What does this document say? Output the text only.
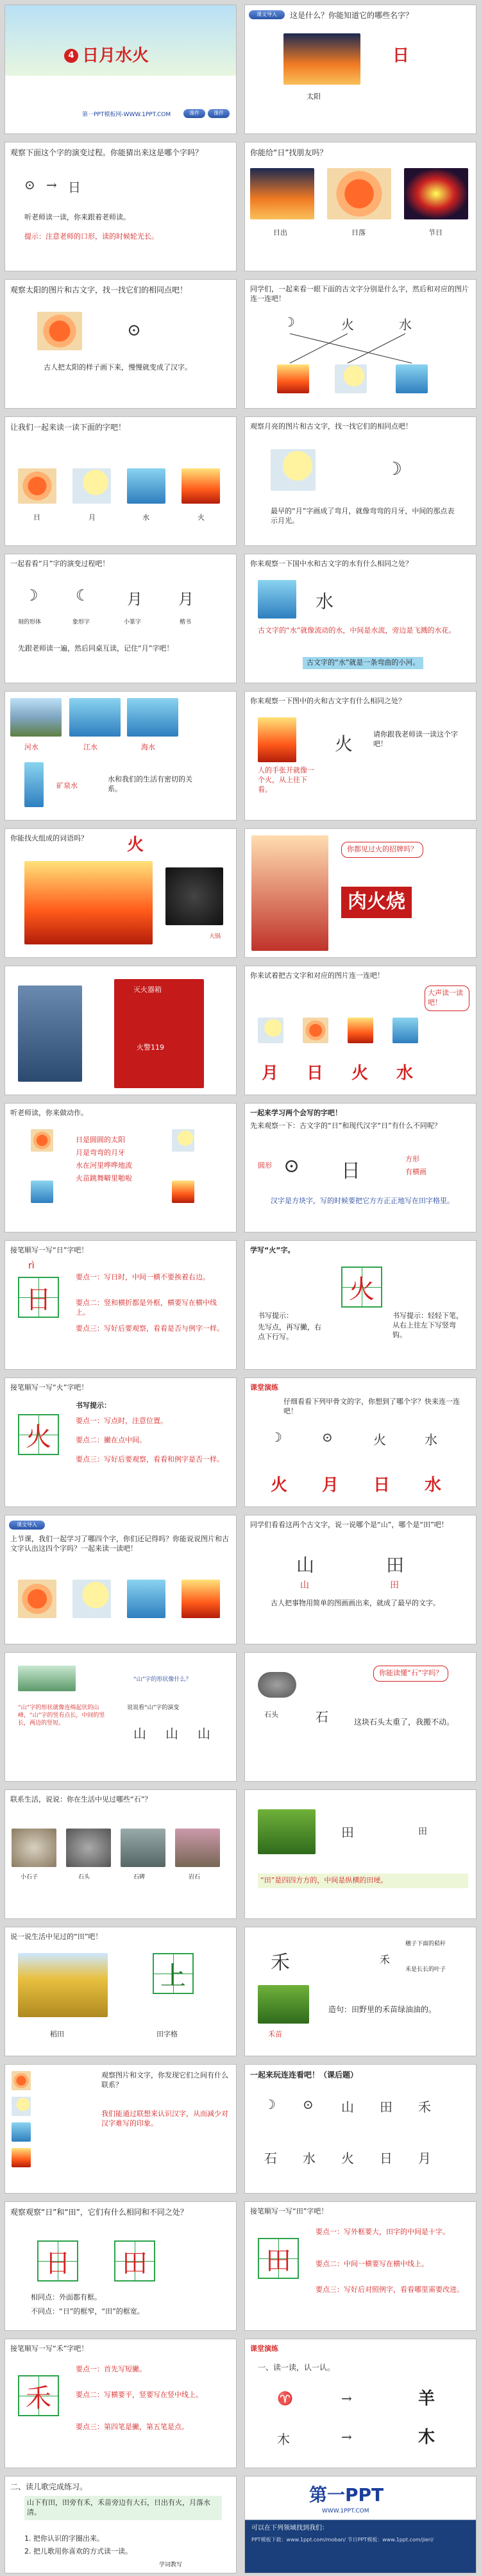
4 日月水火
第一PPT模板网-WWW.1PPT.COM	课件	课件
课文导入	这是什么？你能知道它的哪些名字？
日
太阳
观察下面这个字的演变过程。你能猜出来这是哪个字吗？
⊙ → 日
听老师读一读，你来跟着老师读。
提示：注意老师的口形，读的时候轮光长。
你能给“日”找朋友吗？
日出	日落	节日
观察太阳的图片和古文字，找一找它们的相同点吧！
⊙
古人把太阳的样子画下来，慢慢就变成了汉字。
同学们，一起来看一眼下面的古文字分别是什么字，然后和对应的图片连一连吧！
☽	火	水
让我们一起来读一读下面的字吧！
日	月	水	火
观察月亮的图片和古文字，找一找它们的相同点吧！
☽
最早的“月”字画成了弯月，就像弯弯的月牙，中间的那点表示月光。
一起看看“月”字的演变过程吧！
☽ ☾ 月 月
刻的形体	象形字	小篆字	楷书
先跟老师读一遍，然后同桌互读，记住“月”字吧！
你来观察一下国中水和古文字的水有什么相同之处？
水
古文字的“水”就像流动的水，中间是水流，旁边是飞溅的水花。
古文字的“水”就是一条弯曲的小河。
河水	江水	海水
矿泉水
水和我们的生活有密切的关系。
你来观察一下图中的火和古文字有什么相同之处？
人的手张开就像一个火，从上往下看。
火	请你跟我老师读一读这个字吧！
你能找火组成的词语吗？ 火
大锅
你都见过火的招牌吗？
肉火烧
灭火器箱
火警119
你来试着把古文字和对应的图片连一连吧！
大声读一读吧！
月 日 火 水
听老师读，你来做动作。
日是圆圆的太阳
月是弯弯的月牙
水在河里哗哗地流
火苗跳舞噼里啪啦
一起来学习两个会写的字吧！
先来观察一下：古文字的“日”和现代汉字“日”有什么不同呢？
⊙ 日
圆形
方形
有横画
汉字是方块字，写的时候要把它方方正正地写在田字格里。
接笔顺写一写“日”字吧！
rì
日
要点一：写日时，中间一横不要挨着右边。
要点二：竖和横折都是外框，横要写在横中线上。
要点三：写好后要观察，看看是否与例字一样。
学写“火”字。
火
书写提示：
先写点，再写撇，右点下行写。
书写提示：轻轻下笔，从右上往左下写竖弯钩。
接笔顺写一写“火”字吧！
火
书写提示：
要点一：写点时，注意位置。
要点二：撇在点中间。
要点三：写好后要观察，看看和例字是否一样。
课堂演练
仔细看看下列甲骨文的字，你想到了哪个字？快来连一连吧！
☽	⊙	火	水
火 月 日 水
课文导入
上节课，我们一起学习了哪四个字，你们还记得吗？你能说说图片和古文字认出这四个字吗？一起来读一读吧！
同学们看看这两个古文字，说一说哪个是“山”，哪个是“田”吧！
山	田
山	田
古人把事物用简单的图画画出来，就成了最早的文字。
“山”字的形状像什么？
“山”字的形状就像连绵起伏的山峰，“山”字的竖有点长，中间的竖长，两边的竖短。
说说看“山”字的演变
山 山 山
你能读懂“石”字吗？
石头	石	这块石头太重了，我搬不动。
联系生活，说说：你在生活中见过哪些“石”？
小石子	石头	石碑	岩石
田	田
“田”是四四方方的，中间是纵横的田埂。
说一说生活中见过的“田”吧！
上
稻田	田字格
禾	禾
穗子下面的秸秆
禾是长长的叶子
禾苗
造句：田野里的禾苗绿油油的。
观察图片和文字，你发现它们之间有什么联系？
我们能通过联想来认识汉字，从而减少对汉字难写的印象。
一起来玩连连看吧！（课后题）
☽ ⊙ 山 田 禾
石 水 火 日 月
观察观察“日”和“田”，它们有什么相同和不同之处？
日	田
相同点：外面都有框。
不同点：“日”的框窄，“田”的框宽。
接笔顺写一写“田”字吧！
田
要点一：写外框要大，田字的中间是十字。
要点二：中间一横要写在横中线上。
要点三：写好后对照例字，看看哪里需要改进。
接笔顺写一写“禾”字吧！
禾
要点一：首先写短撇。
要点二：写横要平，竖要写在竖中线上。
要点三：第四笔是撇，第五笔是点。
课堂演练
一、读一读，认一认。
♈	→	羊
木	→	木
二、读儿歌完成练习。
山下有田，田旁有禾，禾苗旁边有大石，日出有火，月落水清。
1. 把你认识的字圈出来。
2. 把儿歌用你喜欢的方式读一读。
学词教写
第一PPT
WWW.1PPT.COM
可以在下列领域找到我们：
PPT模板下载：www.1ppt.com/moban/ 节日PPT模板：www.1ppt.com/jieri/
